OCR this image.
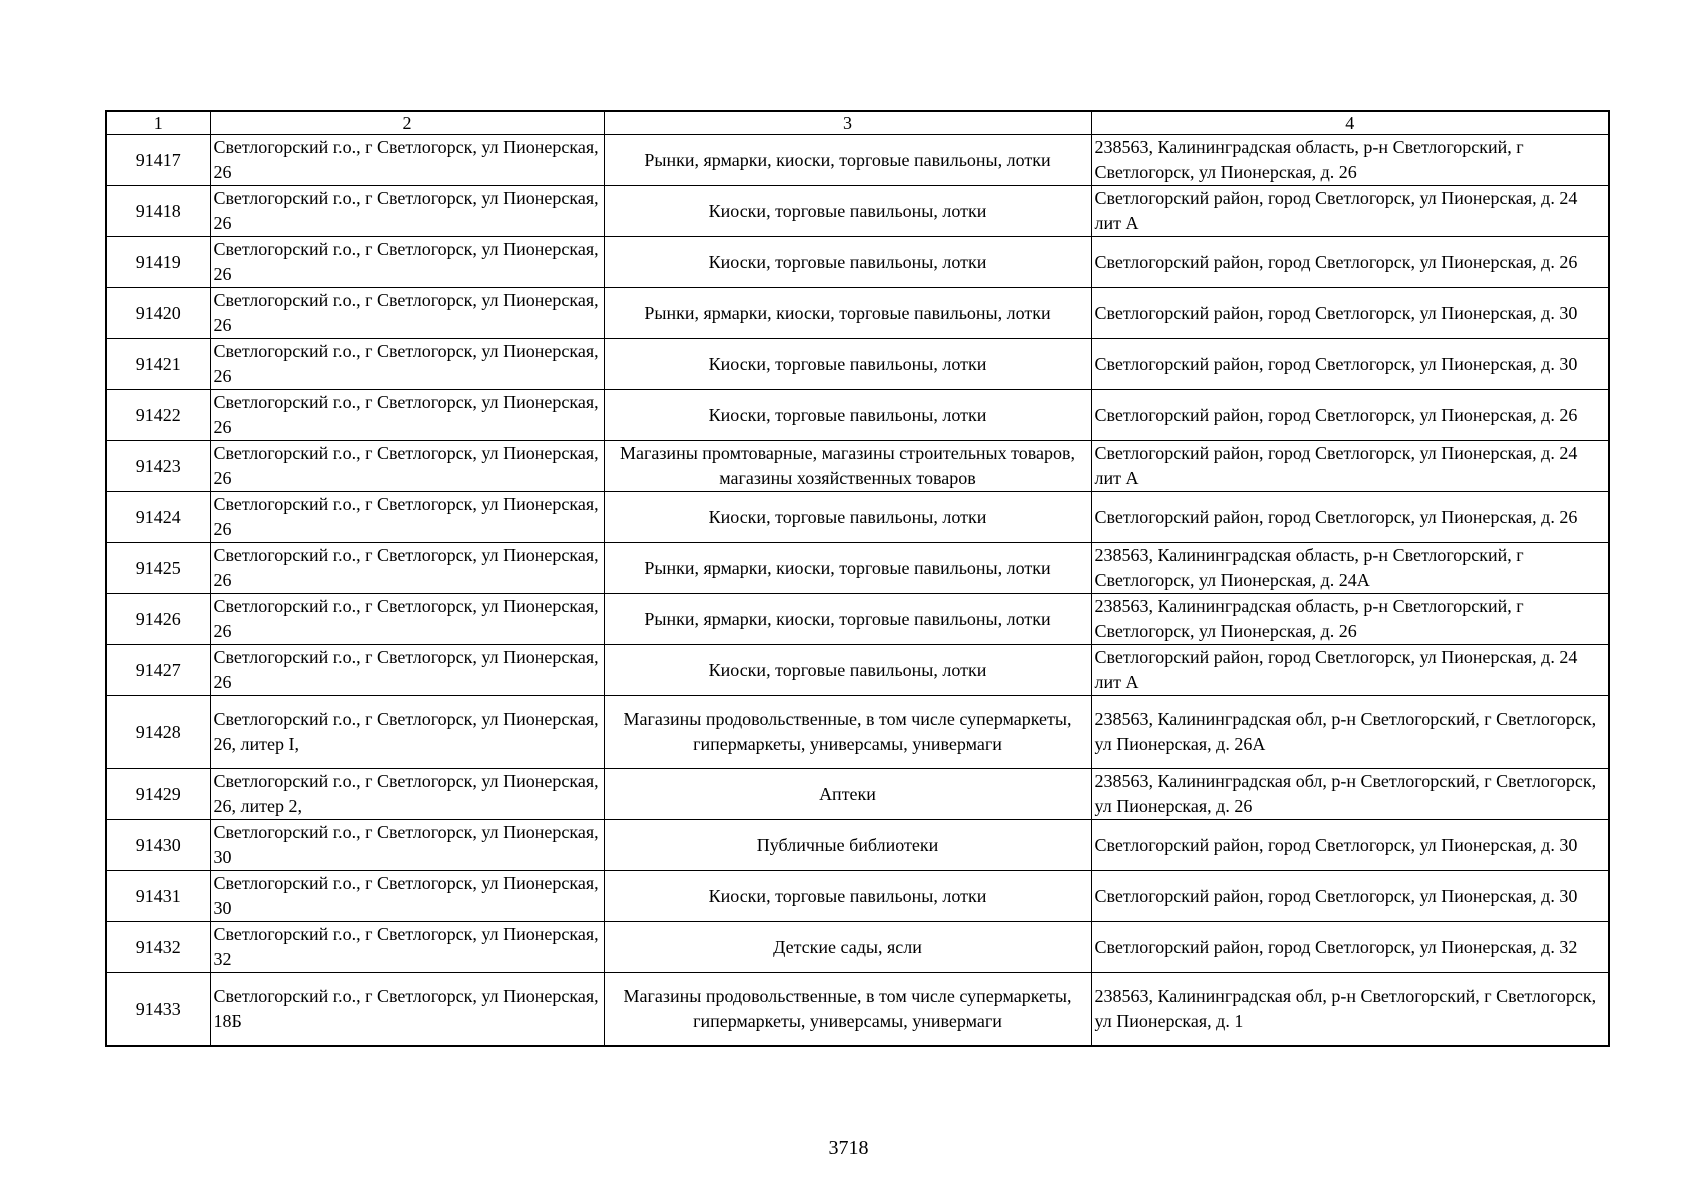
1	2	3	4
91417	Светлогорский г.о., г Светлогорск, ул Пионерская, 26	Рынки, ярмарки, киоски, торговые павильоны, лотки	238563, Калининградская область, р-н Светлогорский, г Светлогорск, ул Пионерская, д. 26
91418	Светлогорский г.о., г Светлогорск, ул Пионерская, 26	Киоски, торговые павильоны, лотки	Светлогорский район, город Светлогорск, ул Пионерская, д. 24 лит А
91419	Светлогорский г.о., г Светлогорск, ул Пионерская, 26	Киоски, торговые павильоны, лотки	Светлогорский район, город Светлогорск, ул Пионерская, д. 26
91420	Светлогорский г.о., г Светлогорск, ул Пионерская, 26	Рынки, ярмарки, киоски, торговые павильоны, лотки	Светлогорский район, город Светлогорск, ул Пионерская, д. 30
91421	Светлогорский г.о., г Светлогорск, ул Пионерская, 26	Киоски, торговые павильоны, лотки	Светлогорский район, город Светлогорск, ул Пионерская, д. 30
91422	Светлогорский г.о., г Светлогорск, ул Пионерская, 26	Киоски, торговые павильоны, лотки	Светлогорский район, город Светлогорск, ул Пионерская, д. 26
91423	Светлогорский г.о., г Светлогорск, ул Пионерская, 26	Магазины промтоварные, магазины строительных товаров, магазины хозяйственных товаров	Светлогорский район, город Светлогорск, ул Пионерская, д. 24 лит А
91424	Светлогорский г.о., г Светлогорск, ул Пионерская, 26	Киоски, торговые павильоны, лотки	Светлогорский район, город Светлогорск, ул Пионерская, д. 26
91425	Светлогорский г.о., г Светлогорск, ул Пионерская, 26	Рынки, ярмарки, киоски, торговые павильоны, лотки	238563, Калининградская область, р-н Светлогорский, г Светлогорск, ул Пионерская, д. 24А
91426	Светлогорский г.о., г Светлогорск, ул Пионерская, 26	Рынки, ярмарки, киоски, торговые павильоны, лотки	238563, Калининградская область, р-н Светлогорский, г Светлогорск, ул Пионерская, д. 26
91427	Светлогорский г.о., г Светлогорск, ул Пионерская, 26	Киоски, торговые павильоны, лотки	Светлогорский район, город Светлогорск, ул Пионерская, д. 24 лит А
91428	Светлогорский г.о., г Светлогорск, ул Пионерская, 26, литер I,	Магазины продовольственные, в том числе супермаркеты, гипермаркеты, универсамы, универмаги	238563, Калининградская обл, р-н Светлогорский, г Светлогорск, ул Пионерская, д. 26А
91429	Светлогорский г.о., г Светлогорск, ул Пионерская, 26, литер 2,	Аптеки	238563, Калининградская обл, р-н Светлогорский, г Светлогорск, ул Пионерская, д. 26
91430	Светлогорский г.о., г Светлогорск, ул Пионерская, 30	Публичные библиотеки	Светлогорский район, город Светлогорск, ул Пионерская, д. 30
91431	Светлогорский г.о., г Светлогорск, ул Пионерская, 30	Киоски, торговые павильоны, лотки	Светлогорский район, город Светлогорск, ул Пионерская, д. 30
91432	Светлогорский г.о., г Светлогорск, ул Пионерская, 32	Детские сады, ясли	Светлогорский район, город Светлогорск, ул Пионерская, д. 32
91433	Светлогорский г.о., г Светлогорск, ул Пионерская, 18Б	Магазины продовольственные, в том числе супермаркеты, гипермаркеты, универсамы, универмаги	238563, Калининградская обл, р-н Светлогорский, г Светлогорск, ул Пионерская, д. 1
3718
